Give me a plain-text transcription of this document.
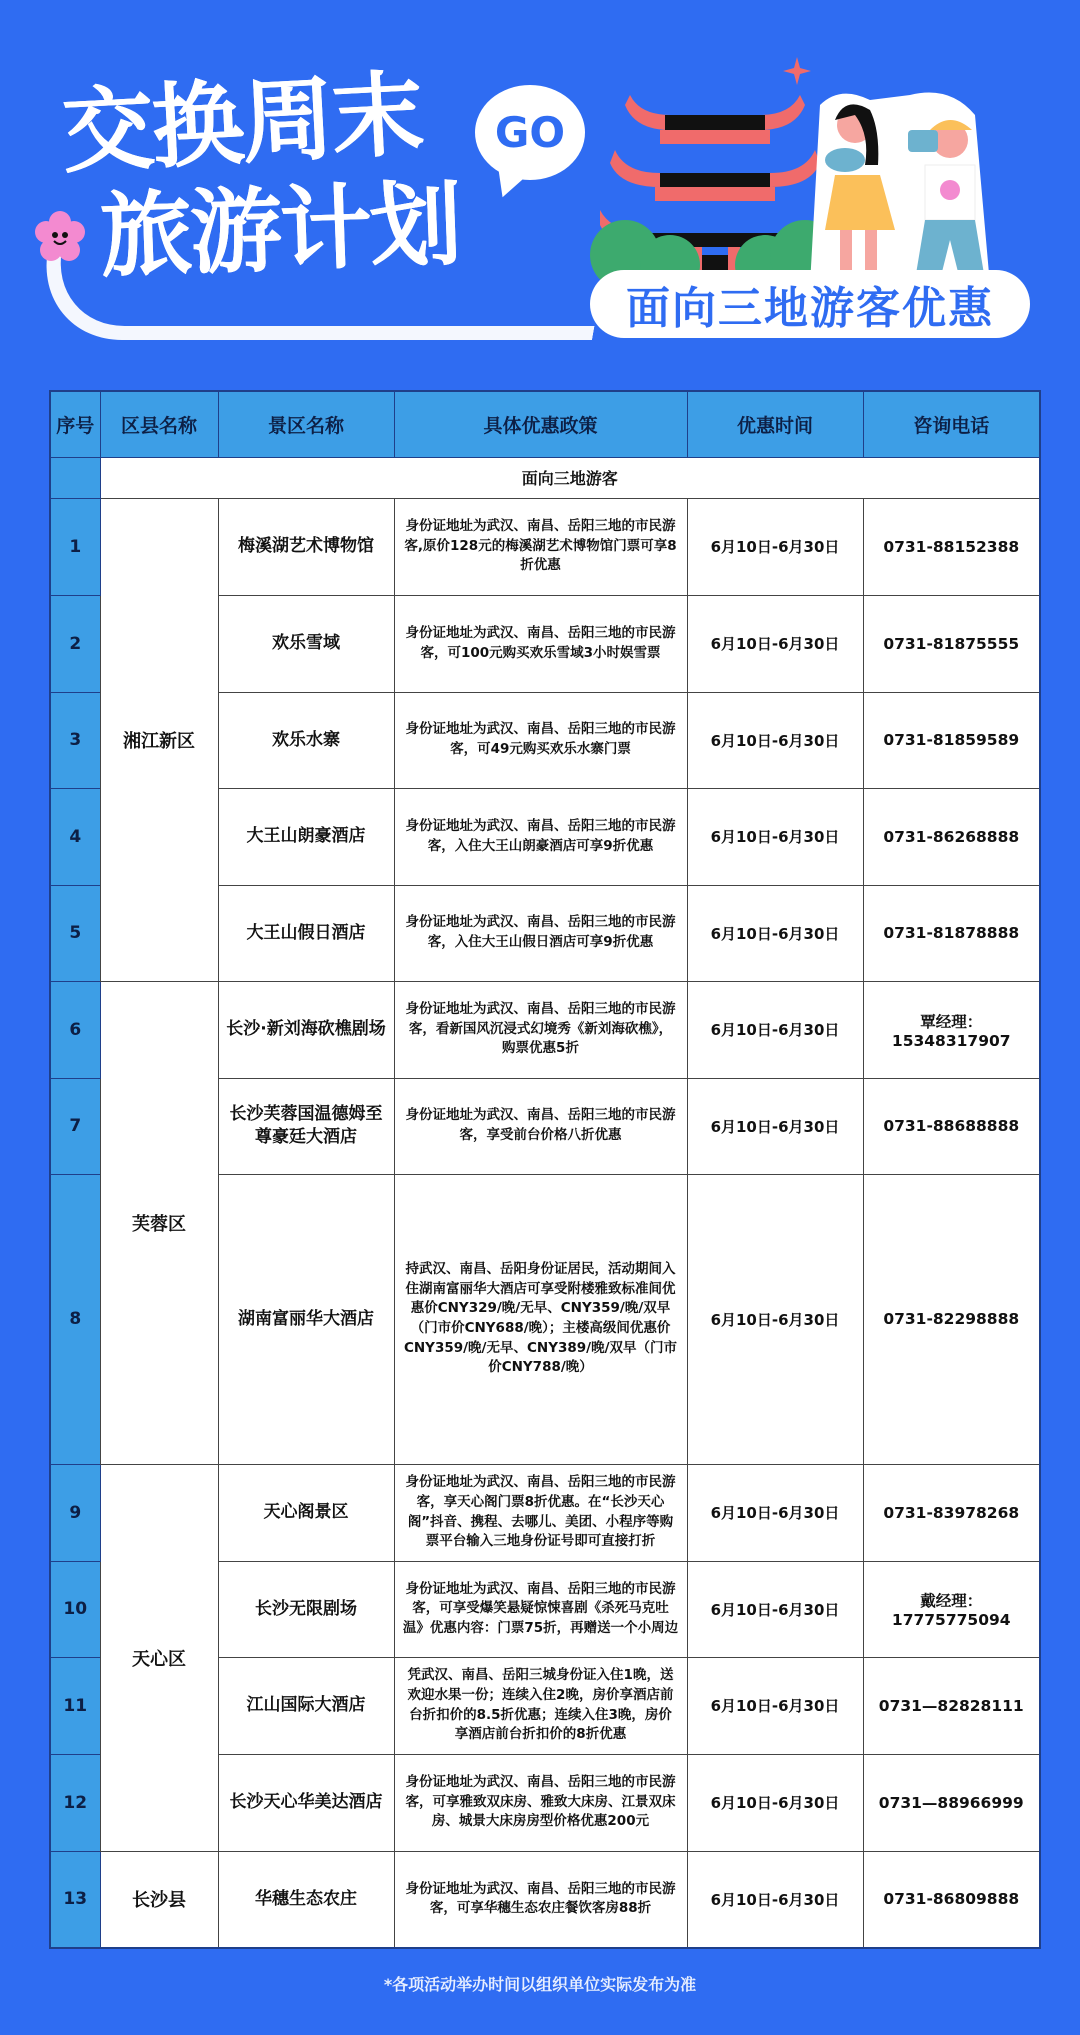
交换周末 GO
旅游计划
面向三地游客优惠
序号	区县名称	景区名称	具体优惠政策	优惠时间	咨询电话
	面向三地游客				
1	湘江新区	梅溪湖艺术博物馆	身份证地址为武汉、南昌、岳阳三地的市民游客,原价128元的梅溪湖艺术博物馆门票可享8折优惠	6月10日-6月30日	0731-88152388
2		欢乐雪域	身份证地址为武汉、南昌、岳阳三地的市民游客，可100元购买欢乐雪域3小时娱雪票	6月10日-6月30日	0731-81875555
3		欢乐水寨	身份证地址为武汉、南昌、岳阳三地的市民游客，可49元购买欢乐水寨门票	6月10日-6月30日	0731-81859589
4		大王山朗豪酒店	身份证地址为武汉、南昌、岳阳三地的市民游客，入住大王山朗豪酒店可享9折优惠	6月10日-6月30日	0731-86268888
5		大王山假日酒店	身份证地址为武汉、南昌、岳阳三地的市民游客，入住大王山假日酒店可享9折优惠	6月10日-6月30日	0731-81878888
6	芙蓉区	长沙·新刘海砍樵剧场	身份证地址为武汉、南昌、岳阳三地的市民游客，看新国风沉浸式幻境秀《新刘海砍樵》，购票优惠5折	6月10日-6月30日	覃经理：15348317907
7		长沙芙蓉国温德姆至尊豪廷大酒店	身份证地址为武汉、南昌、岳阳三地的市民游客，享受前台价格八折优惠	6月10日-6月30日	0731-88688888
8		湖南富丽华大酒店	持武汉、南昌、岳阳身份证居民，活动期间入住湖南富丽华大酒店可享受附楼雅致标准间优惠价CNY329/晚/无早、CNY359/晚/双早（门市价CNY688/晚）；主楼高级间优惠价CNY359/晚/无早、CNY389/晚/双早（门市价CNY788/晚）	6月10日-6月30日	0731-82298888
9	天心区	天心阁景区	身份证地址为武汉、南昌、岳阳三地的市民游客，享天心阁门票8折优惠。在“长沙天心阁”抖音、携程、去哪儿、美团、小程序等购票平台输入三地身份证号即可直接打折	6月10日-6月30日	0731-83978268
10		长沙无限剧场	身份证地址为武汉、南昌、岳阳三地的市民游客，可享受爆笑悬疑惊悚喜剧《杀死马克吐温》优惠内容：门票75折，再赠送一个小周边	6月10日-6月30日	戴经理：17775775094
11		江山国际大酒店	凭武汉、南昌、岳阳三城身份证入住1晚，送欢迎水果一份；连续入住2晚，房价享酒店前台折扣价的8.5折优惠；连续入住3晚，房价享酒店前台折扣价的8折优惠	6月10日-6月30日	0731—82828111
12		长沙天心华美达酒店	身份证地址为武汉、南昌、岳阳三地的市民游客，可享雅致双床房、雅致大床房、江景双床房、城景大床房房型价格优惠200元	6月10日-6月30日	0731—88966999
13	长沙县	华穗生态农庄	身份证地址为武汉、南昌、岳阳三地的市民游客，可享华穗生态农庄餐饮客房88折	6月10日-6月30日	0731-86809888
*各项活动举办时间以组织单位实际发布为准
